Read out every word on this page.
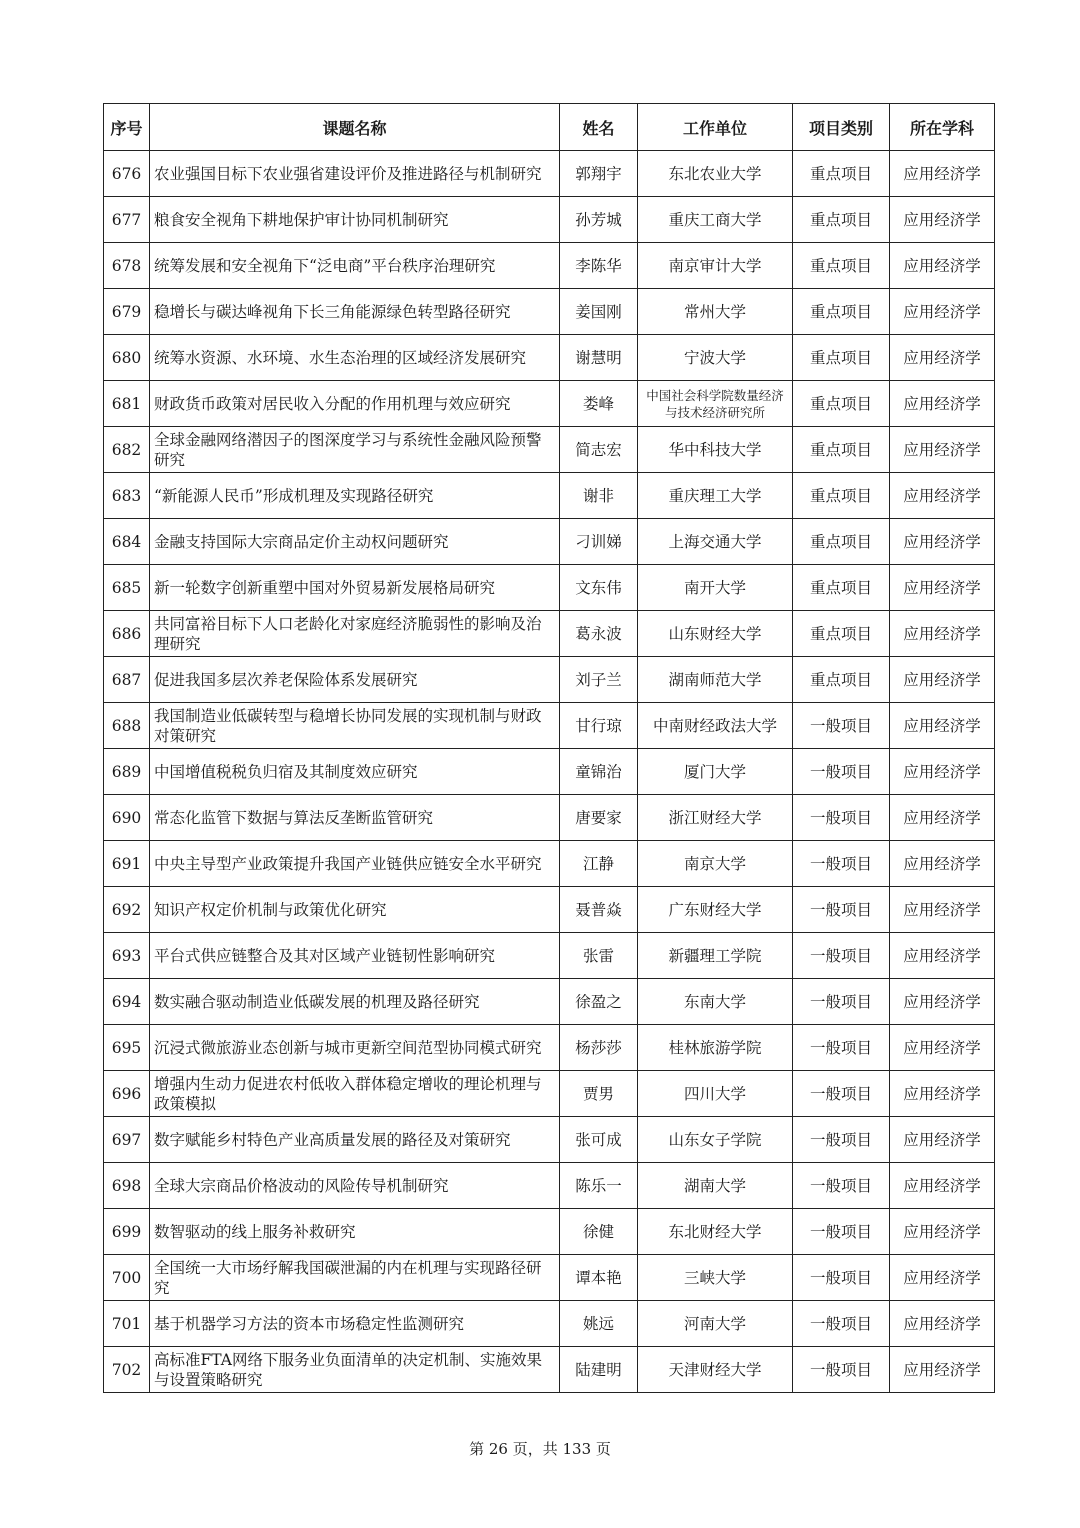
序号	课题名称	姓名	工作单位	项目类别	所在学科
676	农业强国目标下农业强省建设评价及推进路径与机制研究	郭翔宇	东北农业大学	重点项目	应用经济学
677	粮食安全视角下耕地保护审计协同机制研究	孙芳城	重庆工商大学	重点项目	应用经济学
678	统筹发展和安全视角下“泛电商”平台秩序治理研究	李陈华	南京审计大学	重点项目	应用经济学
679	稳增长与碳达峰视角下长三角能源绿色转型路径研究	姜国刚	常州大学	重点项目	应用经济学
680	统筹水资源、水环境、水生态治理的区域经济发展研究	谢慧明	宁波大学	重点项目	应用经济学
681	财政货币政策对居民收入分配的作用机理与效应研究	娄峰	中国社会科学院数量经济与技术经济研究所	重点项目	应用经济学
682	全球金融网络潜因子的图深度学习与系统性金融风险预警研究	简志宏	华中科技大学	重点项目	应用经济学
683	“新能源人民币”形成机理及实现路径研究	谢非	重庆理工大学	重点项目	应用经济学
684	金融支持国际大宗商品定价主动权问题研究	刁训娣	上海交通大学	重点项目	应用经济学
685	新一轮数字创新重塑中国对外贸易新发展格局研究	文东伟	南开大学	重点项目	应用经济学
686	共同富裕目标下人口老龄化对家庭经济脆弱性的影响及治理研究	葛永波	山东财经大学	重点项目	应用经济学
687	促进我国多层次养老保险体系发展研究	刘子兰	湖南师范大学	重点项目	应用经济学
688	我国制造业低碳转型与稳增长协同发展的实现机制与财政对策研究	甘行琼	中南财经政法大学	一般项目	应用经济学
689	中国增值税税负归宿及其制度效应研究	童锦治	厦门大学	一般项目	应用经济学
690	常态化监管下数据与算法反垄断监管研究	唐要家	浙江财经大学	一般项目	应用经济学
691	中央主导型产业政策提升我国产业链供应链安全水平研究	江静	南京大学	一般项目	应用经济学
692	知识产权定价机制与政策优化研究	聂普焱	广东财经大学	一般项目	应用经济学
693	平台式供应链整合及其对区域产业链韧性影响研究	张雷	新疆理工学院	一般项目	应用经济学
694	数实融合驱动制造业低碳发展的机理及路径研究	徐盈之	东南大学	一般项目	应用经济学
695	沉浸式微旅游业态创新与城市更新空间范型协同模式研究	杨莎莎	桂林旅游学院	一般项目	应用经济学
696	增强内生动力促进农村低收入群体稳定增收的理论机理与政策模拟	贾男	四川大学	一般项目	应用经济学
697	数字赋能乡村特色产业高质量发展的路径及对策研究	张可成	山东女子学院	一般项目	应用经济学
698	全球大宗商品价格波动的风险传导机制研究	陈乐一	湖南大学	一般项目	应用经济学
699	数智驱动的线上服务补救研究	徐健	东北财经大学	一般项目	应用经济学
700	全国统一大市场纾解我国碳泄漏的内在机理与实现路径研究	谭本艳	三峡大学	一般项目	应用经济学
701	基于机器学习方法的资本市场稳定性监测研究	姚远	河南大学	一般项目	应用经济学
702	高标准FTA网络下服务业负面清单的决定机制、实施效果与设置策略研究	陆建明	天津财经大学	一般项目	应用经济学
第 26 页，共 133 页
